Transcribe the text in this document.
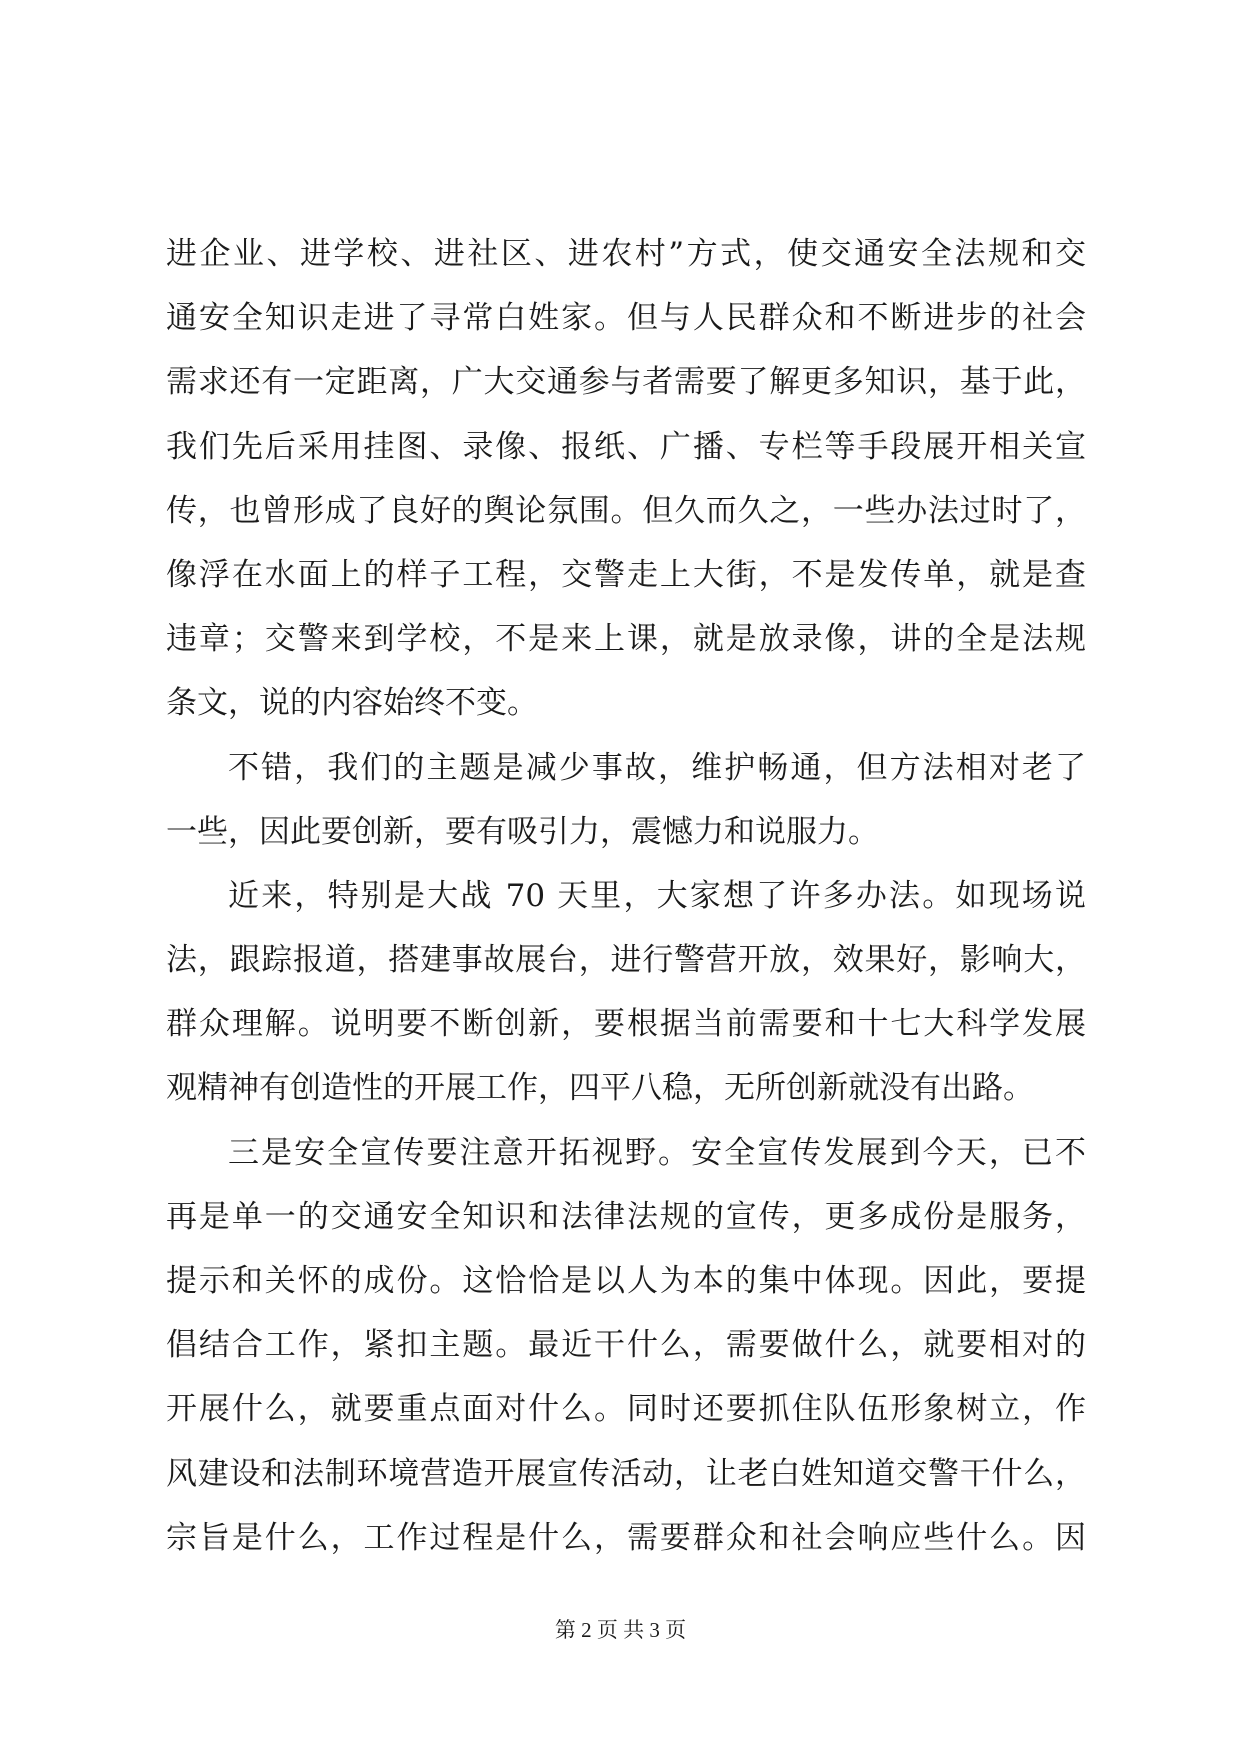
进企业、进学校、进社区、进农村”方式，使交通安全法规和交
通安全知识走进了寻常白姓家。但与人民群众和不断进步的社会
需求还有一定距离，广大交通参与者需要了解更多知识，基于此，
我们先后采用挂图、录像、报纸、广播、专栏等手段展开相关宣
传，也曾形成了良好的舆论氛围。但久而久之，一些办法过时了，
像浮在水面上的样子工程，交警走上大街，不是发传单，就是查
违章；交警来到学校，不是来上课，就是放录像，讲的全是法规
条文，说的内容始终不变。
不错，我们的主题是减少事故，维护畅通，但方法相对老了
一些，因此要创新，要有吸引力，震憾力和说服力。
近来，特别是大战 70 天里，大家想了许多办法。如现场说
法，跟踪报道，搭建事故展台，进行警营开放，效果好，影响大，
群众理解。说明要不断创新，要根据当前需要和十七大科学发展
观精神有创造性的开展工作，四平八稳，无所创新就没有出路。
三是安全宣传要注意开拓视野。安全宣传发展到今天，已不
再是单一的交通安全知识和法律法规的宣传，更多成份是服务，
提示和关怀的成份。这恰恰是以人为本的集中体现。因此，要提
倡结合工作，紧扣主题。最近干什么，需要做什么，就要相对的
开展什么，就要重点面对什么。同时还要抓住队伍形象树立，作
风建设和法制环境营造开展宣传活动，让老白姓知道交警干什么，
宗旨是什么，工作过程是什么，需要群众和社会响应些什么。因
第 2 页 共 3 页
